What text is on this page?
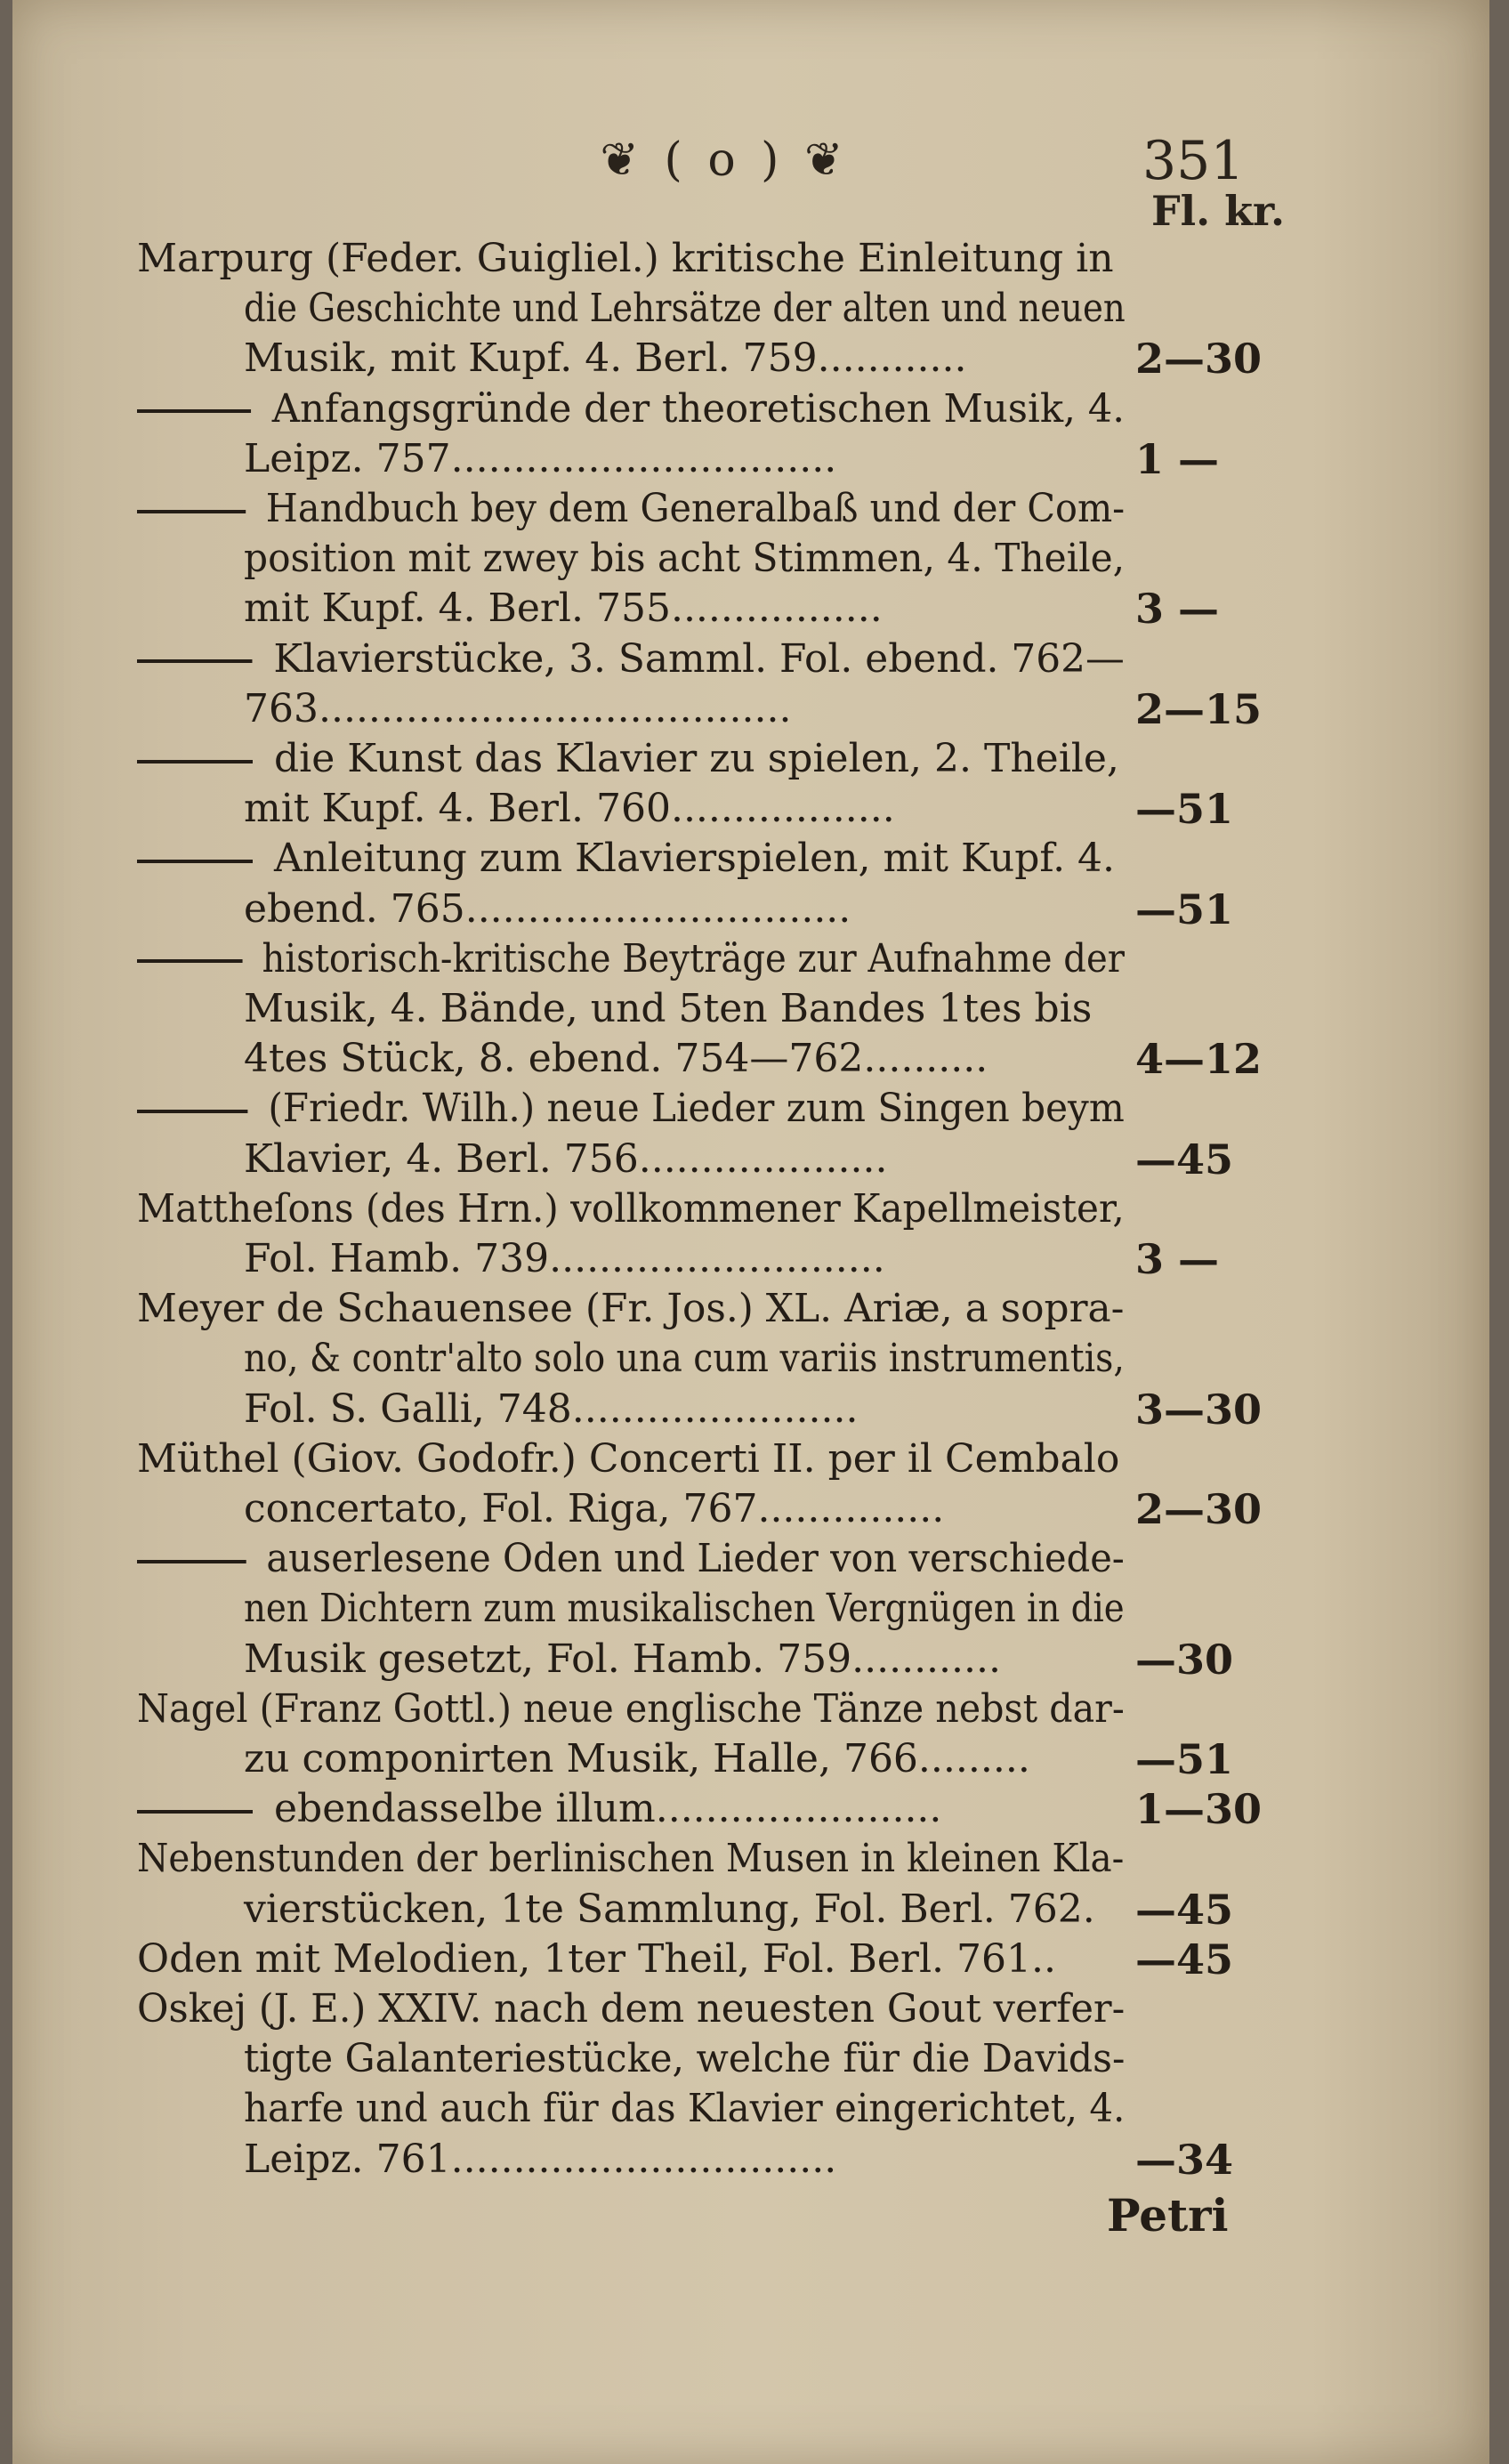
❦ ( o ) ❦	351
Fl. kr.
Marpurg (Feder. Guigliel.) kritische Einleitung in
die Geschichte und Lehrsätze der alten und neuen
Musik, mit Kupf. 4. Berl. 759............	2—30
Anfangsgründe der theoretischen Musik, 4.
Leipz. 757...............................	1 —
Handbuch bey dem Generalbaß und der Com-
position mit zwey bis acht Stimmen, 4. Theile,
mit Kupf. 4. Berl. 755.................	3 —
Klavierstücke, 3. Samml. Fol. ebend. 762—
763......................................	2—15
die Kunst das Klavier zu spielen, 2. Theile,
mit Kupf. 4. Berl. 760..................	—51
Anleitung zum Klavierspielen, mit Kupf. 4.
ebend. 765...............................	—51
historisch-kritische Beyträge zur Aufnahme der
Musik, 4. Bände, und 5ten Bandes 1tes bis
4tes Stück, 8. ebend. 754—762..........	4—12
(Friedr. Wilh.) neue Lieder zum Singen beym
Klavier, 4. Berl. 756....................	—45
Mattheſons (des Hrn.) vollkommener Kapellmeister,
Fol. Hamb. 739...........................	3 —
Meyer de Schauensee (Fr. Jos.) XL. Ariæ, a sopra-
no, & contr'alto solo una cum variis instrumentis,
Fol. S. Galli, 748.......................	3—30
Müthel (Giov. Godofr.) Concerti II. per il Cembalo
concertato, Fol. Riga, 767...............	2—30
auserlesene Oden und Lieder von verschiede-
nen Dichtern zum musikalischen Vergnügen in die
Musik gesetzt, Fol. Hamb. 759............	—30
Nagel (Franz Gottl.) neue englische Tänze nebst dar-
zu componirten Musik, Halle, 766.........	—51
ebendasselbe illum.......................	1—30
Nebenstunden der berlinischen Musen in kleinen Kla-
vierstücken, 1te Sammlung, Fol. Berl. 762. —45
Oden mit Melodien, 1ter Theil, Fol. Berl. 761.. —45
Oskej (J. E.) XXIV. nach dem neuesten Gout verfer-
tigte Galanteriestücke, welche für die Davids-
harfe und auch für das Klavier eingerichtet, 4.
Leipz. 761...............................	—34
Petri
